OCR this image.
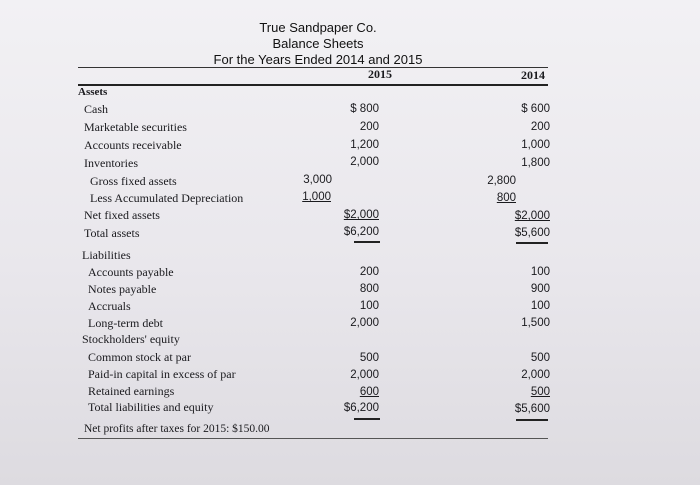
True Sandpaper Co.
Balance Sheets
For the Years Ended 2014 and 2015
2015	2014
Assets
Cash	$ 800	$ 600
Marketable securities	200	200
Accounts receivable	1,200	1,000
Inventories	2,000	1,800
Gross fixed assets	3,000	2,800
Less Accumulated Depreciation	1,000	800
Net fixed assets	$2,000	$2,000
Total assets	$6,200	$5,600
Liabilities
Accounts payable	200	100
Notes payable	800	900
Accruals	100	100
Long-term debt	2,000	1,500
Stockholders' equity
Common stock at par	500	500
Paid-in capital in excess of par	2,000	2,000
Retained earnings	600	500
Total liabilities and equity	$6,200	$5,600
Net profits after taxes for 2015: $150.00
